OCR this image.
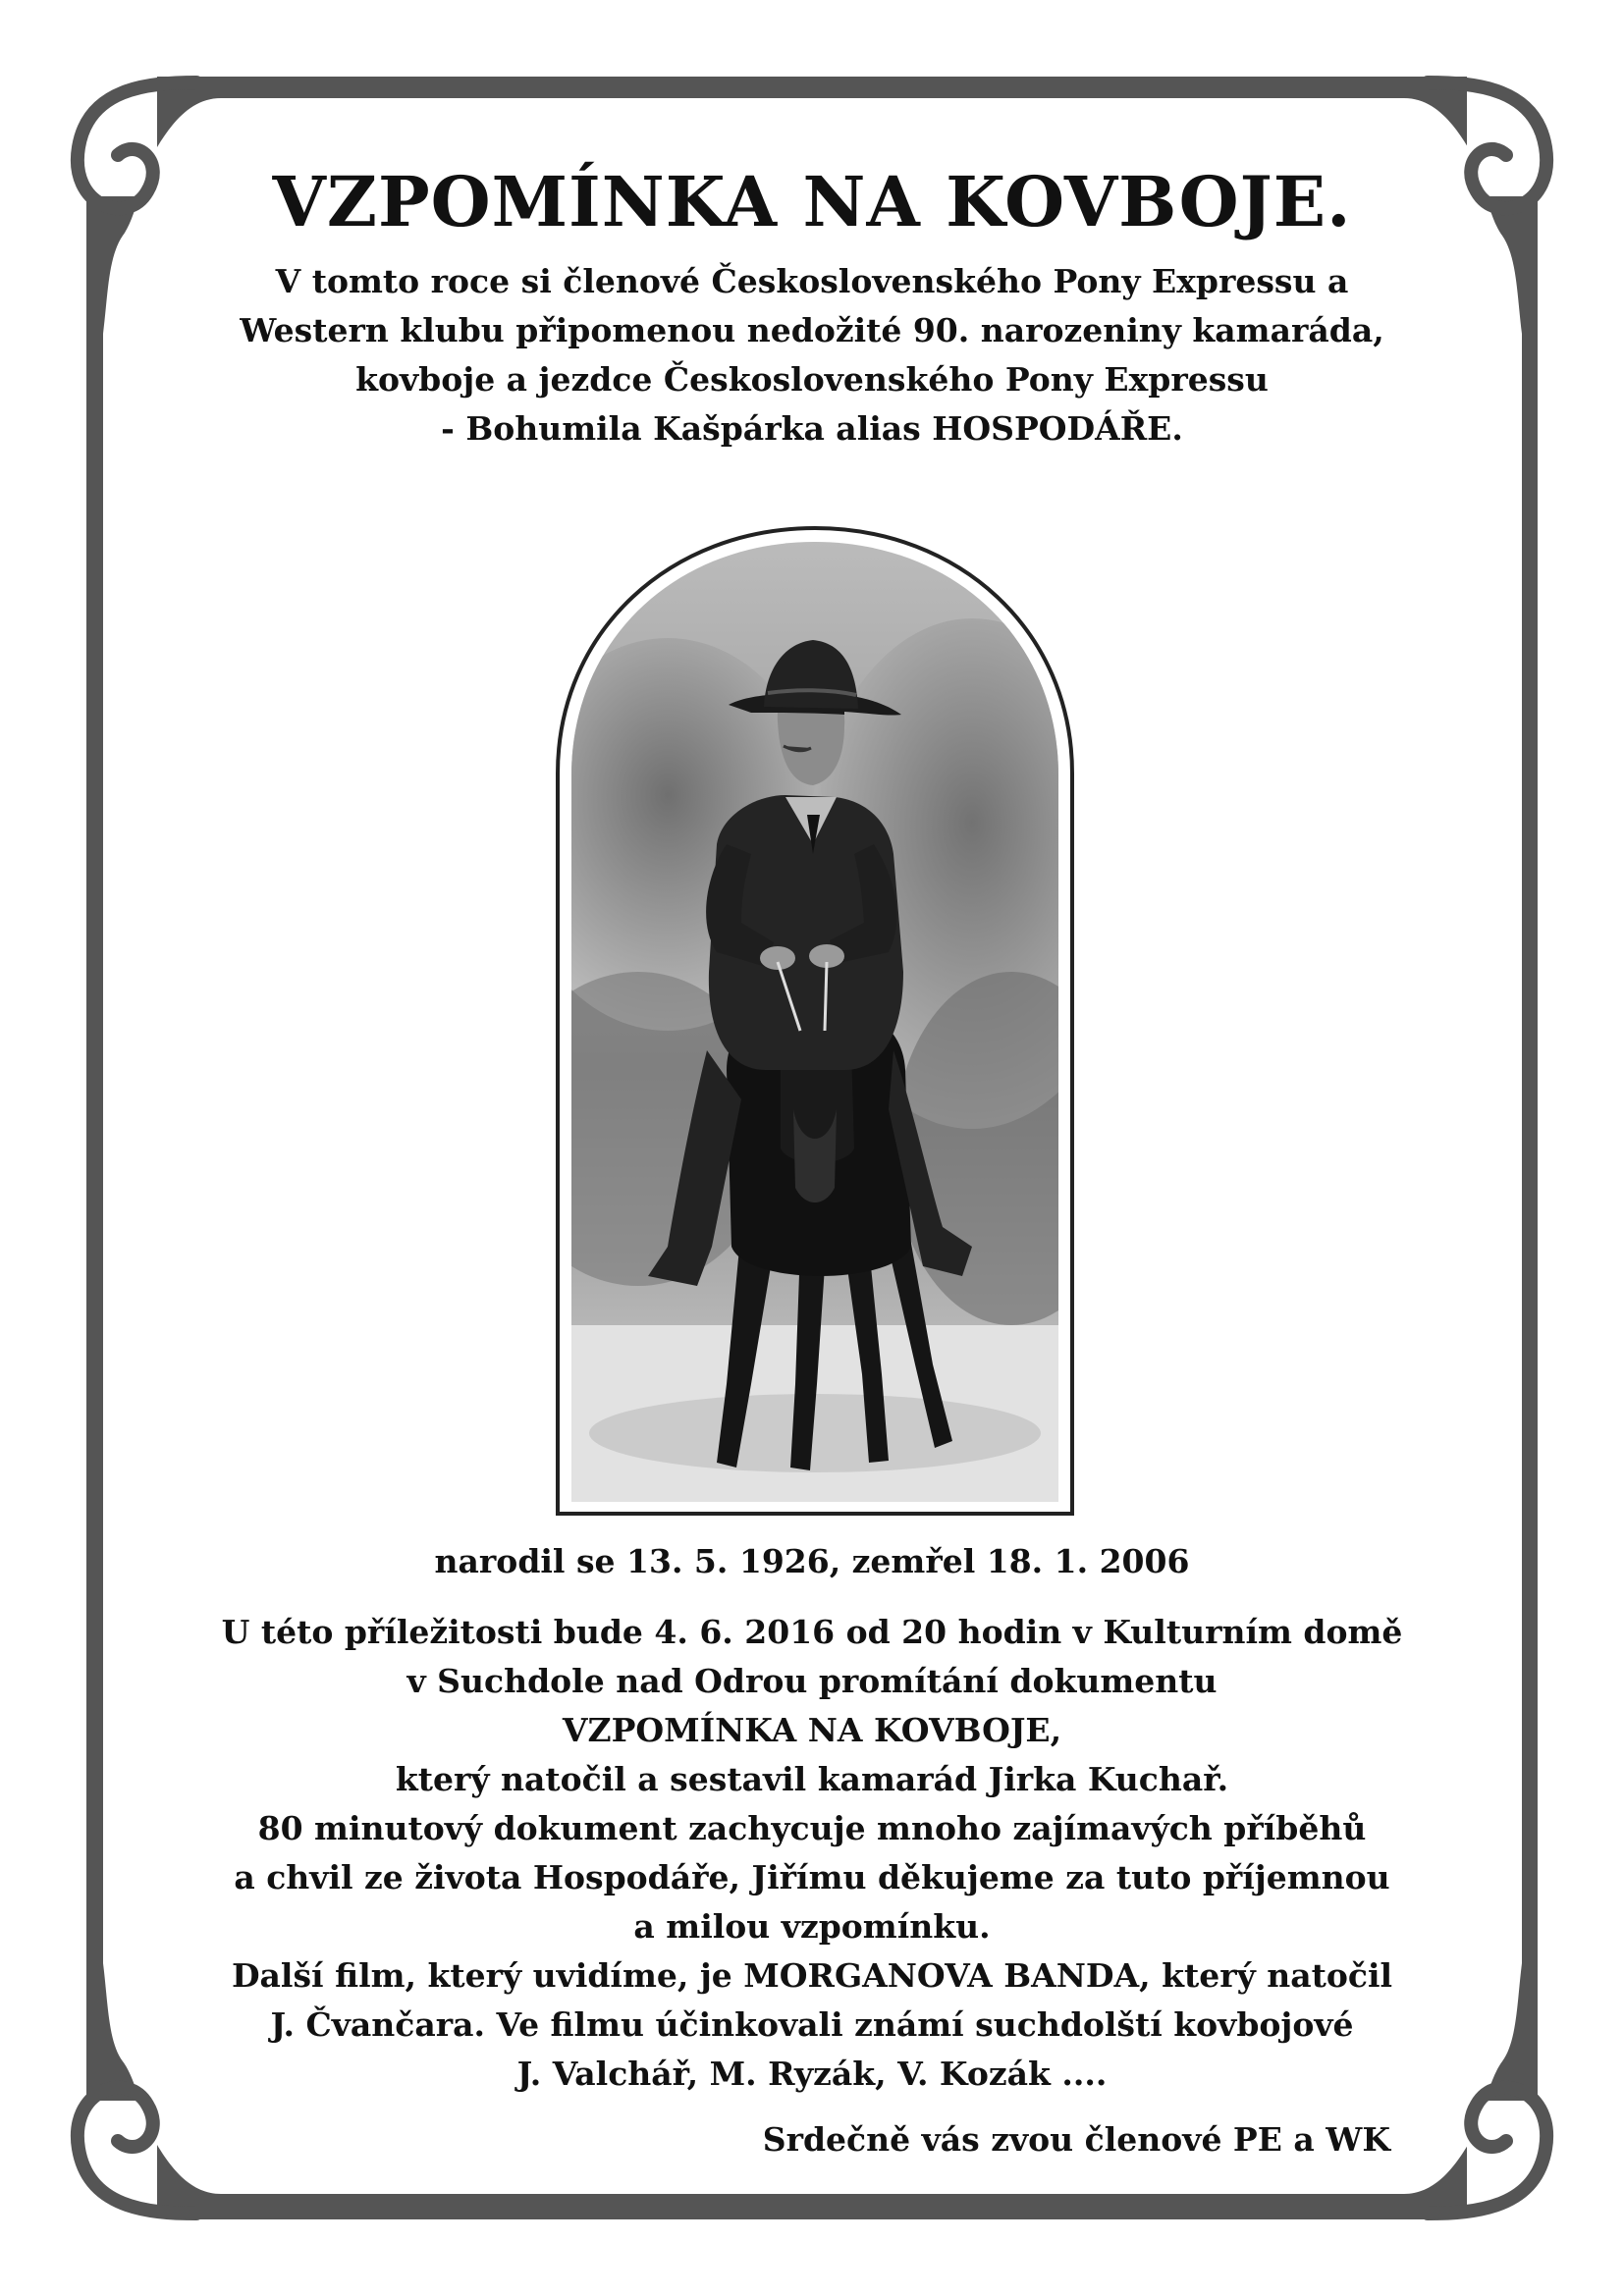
VZPOMÍNKA NA KOVBOJE.
V tomto roce si členové Československého Pony Expressu a
Western klubu připomenou nedožité 90. narozeniny kamaráda,
kovboje a jezdce Československého Pony Expressu
- Bohumila Kašpárka alias HOSPODÁŘE.
narodil se 13. 5. 1926, zemřel 18. 1. 2006
U této příležitosti bude 4. 6. 2016 od 20 hodin v Kulturním domě
v Suchdole nad Odrou promítání dokumentu
VZPOMÍNKA NA KOVBOJE,
který natočil a sestavil kamarád Jirka Kuchař.
80 minutový dokument zachycuje mnoho zajímavých příběhů
a chvil ze života Hospodáře, Jiřímu děkujeme za tuto příjemnou
a milou vzpomínku.
Další film, který uvidíme, je MORGANOVA BANDA, který natočil
J. Čvančara. Ve filmu účinkovali známí suchdolští kovbojové
J. Valchář, M. Ryzák, V. Kozák ....
Srdečně vás zvou členové PE a WK
